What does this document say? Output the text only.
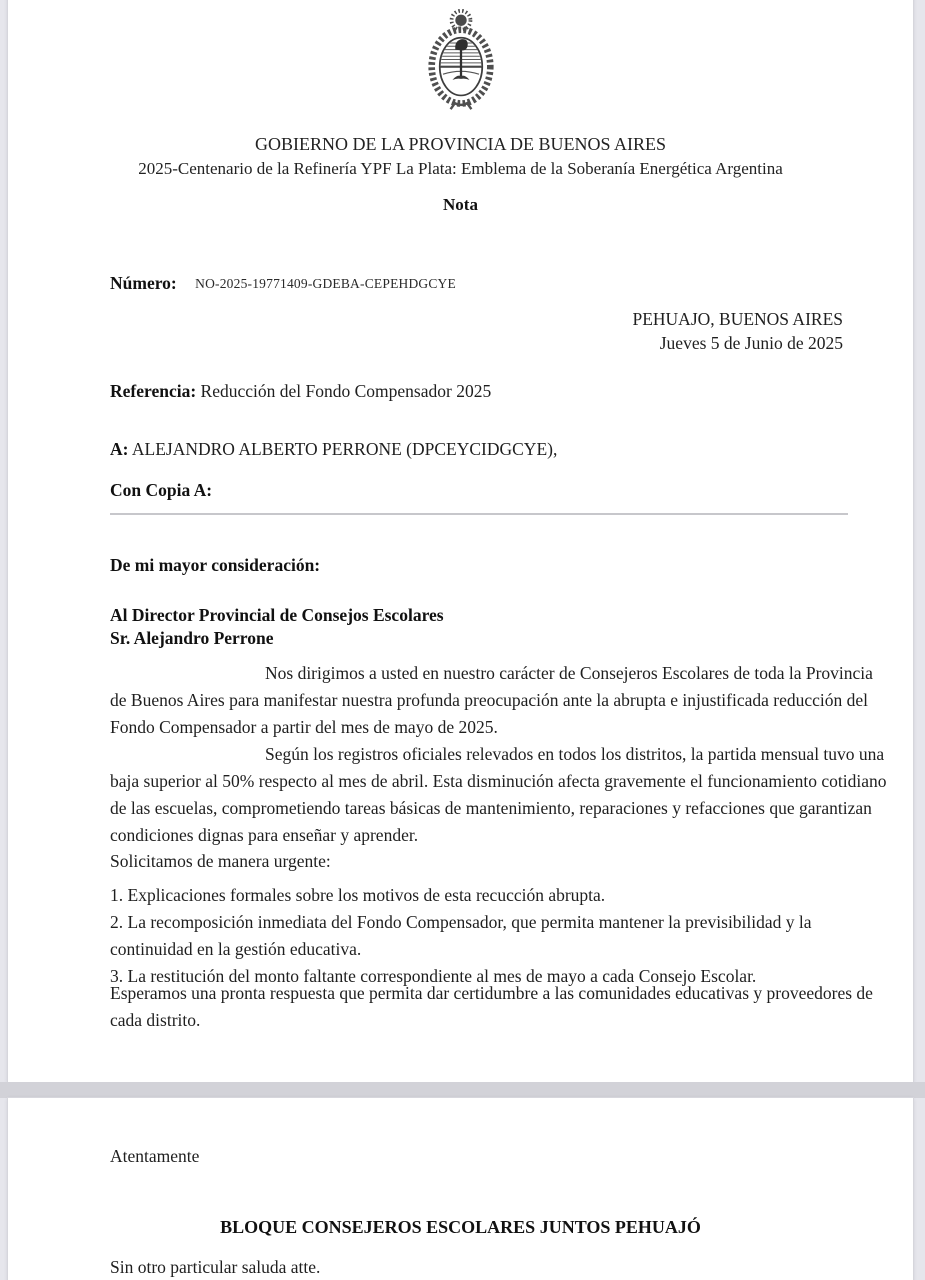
GOBIERNO DE LA PROVINCIA DE BUENOS AIRES
2025-Centenario de la Refinería YPF La Plata: Emblema de la Soberanía Energética Argentina
Nota
Número: NO-2025-19771409-GDEBA-CEPEHDGCYE
PEHUAJO, BUENOS AIRES
Jueves 5 de Junio de 2025
Referencia: Reducción del Fondo Compensador 2025
A: ALEJANDRO ALBERTO PERRONE (DPCEYCIDGCYE),
Con Copia A:
De mi mayor consideración:
Al Director Provincial de Consejos Escolares
Sr. Alejandro Perrone
Nos dirigimos a usted en nuestro carácter de Consejeros Escolares de toda la Provincia de Buenos Aires para manifestar nuestra profunda preocupación ante la abrupta e injustificada reducción del Fondo Compensador a partir del mes de mayo de 2025.
Según los registros oficiales relevados en todos los distritos, la partida mensual tuvo una baja superior al 50% respecto al mes de abril. Esta disminución afecta gravemente el funcionamiento cotidiano de las escuelas, comprometiendo tareas básicas de mantenimiento, reparaciones y refacciones que garantizan condiciones dignas para enseñar y aprender.
Solicitamos de manera urgente:
1. Explicaciones formales sobre los motivos de esta recucción abrupta.
2. La recomposición inmediata del Fondo Compensador, que permita mantener la previsibilidad y la continuidad en la gestión educativa.
3. La restitución del monto faltante correspondiente al mes de mayo a cada Consejo Escolar.
Esperamos una pronta respuesta que permita dar certidumbre a las comunidades educativas y proveedores de cada distrito.
Atentamente
BLOQUE CONSEJEROS ESCOLARES JUNTOS PEHUAJÓ
Sin otro particular saluda atte.
